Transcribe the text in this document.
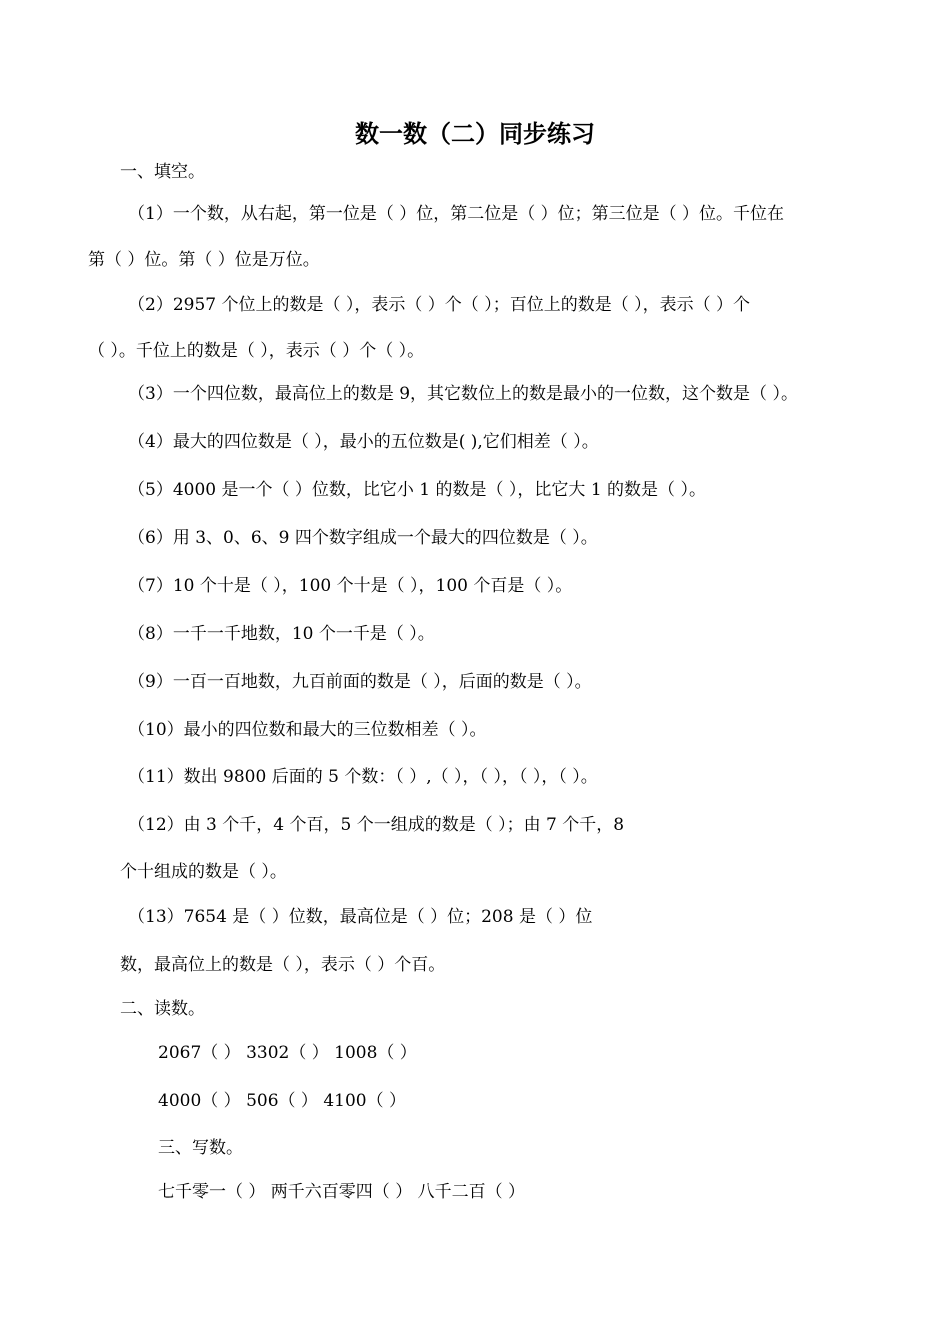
数一数（二）同步练习
一、填空。
（1）一个数，从右起，第一位是（ ）位，第二位是（ ）位；第三位是（ ）位。千位在
第（ ）位。第（ ）位是万位。
（2）2957 个位上的数是（ ），表示（ ）个（ ）；百位上的数是（ ），表示（ ）个
（ ）。千位上的数是（ ），表示（ ）个（ ）。
（3）一个四位数，最高位上的数是 9，其它数位上的数是最小的一位数，这个数是（ ）。
（4）最大的四位数是（ ），最小的五位数是( ),它们相差（ ）。
（5）4000 是一个（ ）位数，比它小 1 的数是（ ），比它大 1 的数是（ ）。
（6）用 3、0、6、9 四个数字组成一个最大的四位数是（ ）。
（7）10 个十是（ ），100 个十是（ ），100 个百是（ ）。
（8）一千一千地数，10 个一千是（ ）。
（9）一百一百地数，九百前面的数是（ ），后面的数是（ ）。
（10）最小的四位数和最大的三位数相差（ ）。
（11）数出 9800 后面的 5 个数：（ ）,（ ），（ ），（ ），（ ）。
（12）由 3 个千，4 个百，5 个一组成的数是（ ）；由 7 个千，8
个十组成的数是（ ）。
（13）7654 是（ ）位数，最高位是（ ）位；208 是（ ）位
数，最高位上的数是（ ），表示（ ）个百。
二、读数。
2067（ ） 3302（ ） 1008（ ）
4000（ ） 506（ ） 4100（ ）
三、写数。
七千零一（ ） 两千六百零四（ ） 八千二百（ ）
